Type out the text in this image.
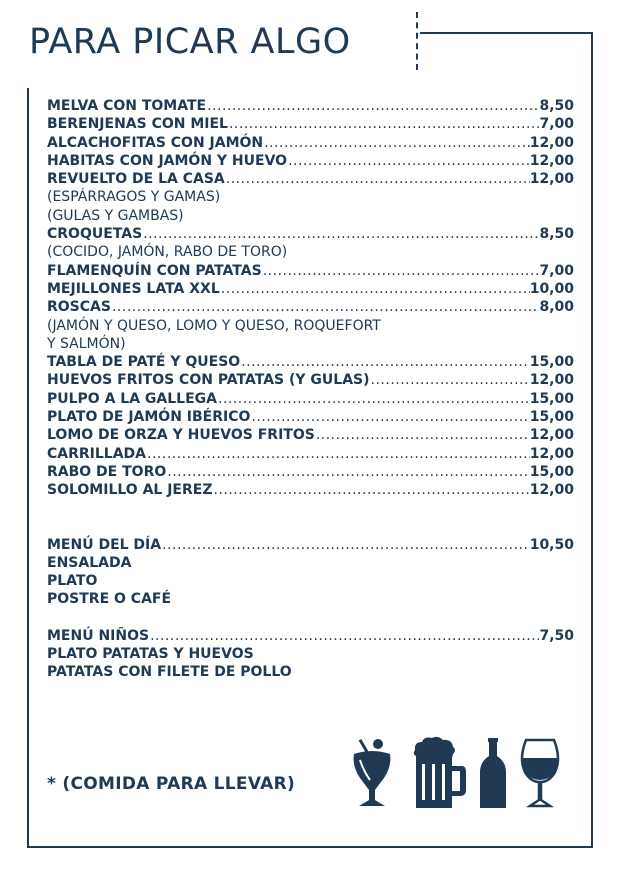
PARA PICAR ALGO
MELVA CON TOMATE .....	8,50
BERENJENAS CON MIEL .....	7,00
ALCACHOFITAS CON JAMÓN .....	12,00
HABITAS CON JAMÓN Y HUEVO .....	12,00
REVUELTO DE LA CASA .....	12,00
(ESPÁRRAGOS Y GAMAS)
(GULAS Y GAMBAS)
CROQUETAS .....	8,50
(COCIDO, JAMÓN, RABO DE TORO)
FLAMENQUÍN CON PATATAS .....	7,00
MEJILLONES LATA XXL .....	10,00
ROSCAS .....	8,00
(JAMÓN Y QUESO, LOMO Y QUESO, ROQUEFORT
Y SALMÓN)
TABLA DE PATÉ Y QUESO .....	15,00
HUEVOS FRITOS CON PATATAS (Y GULAS) .....	12,00
PULPO A LA GALLEGA .....	15,00
PLATO DE JAMÓN IBÉRICO .....	15,00
LOMO DE ORZA Y HUEVOS FRITOS .....	12,00
CARRILLADA .....	12,00
RABO DE TORO .....	15,00
SOLOMILLO AL JEREZ .....	12,00
MENÚ DEL DÍA .....	10,50
ENSALADA
PLATO
POSTRE O CAFÉ
MENÚ NIÑOS .....	7,50
PLATO PATATAS Y HUEVOS
PATATAS CON FILETE DE POLLO
* (COMIDA PARA LLEVAR)
